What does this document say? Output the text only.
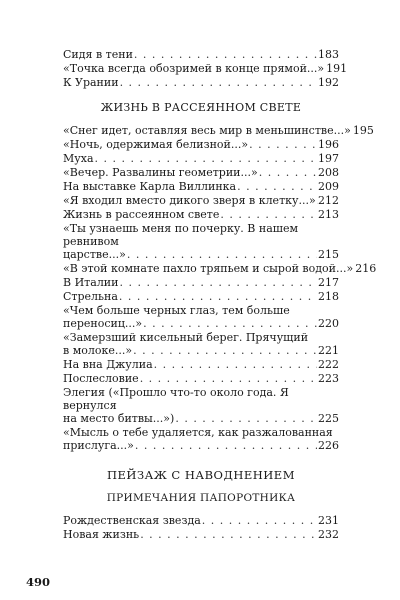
Сидя в тени . . .	183
«Точка всегда обозримей в конце прямой...» 191
К Урании . . .	192
ЖИЗНЬ В РАССЕЯННОМ СВЕТЕ
«Снег идет, оставляя весь мир в меньшинстве...» 195
«Ночь, одержимая белизной...» . . .	196
Муха . . .	197
«Вечер. Развалины геометрии...» . . .	208
На выставке Карла Виллинка . . .	209
«Я входил вместо дикого зверя в клетку...» . . . 212
Жизнь в рассеянном свете . . .	213
«Ты узнаешь меня по почерку. В нашем ревнивом
царстве...» . . .	215
«В этой комнате пахло тряпьем и сырой водой...» 216
В Италии . . .	217
Стрельна . . .	218
«Чем больше черных глаз, тем больше
переносиц...» . . .	220
«Замерзший кисельный берег. Прячущий
в молоке...» . . .	221
На вна Джулиа . . .	222
Послесловие . . .	223
Элегия («Прошло что-то около года. Я вернулся
на место битвы...») . . .	225
«Мысль о тебе удаляется, как разжалованная
прислуга...» . . .	226
ПЕЙЗАЖ С НАВОДНЕНИЕМ
ПРИМЕЧАНИЯ ПАПОРОТНИКА
Рождественская звезда . . .	231
Новая жизнь . . .	232
490
